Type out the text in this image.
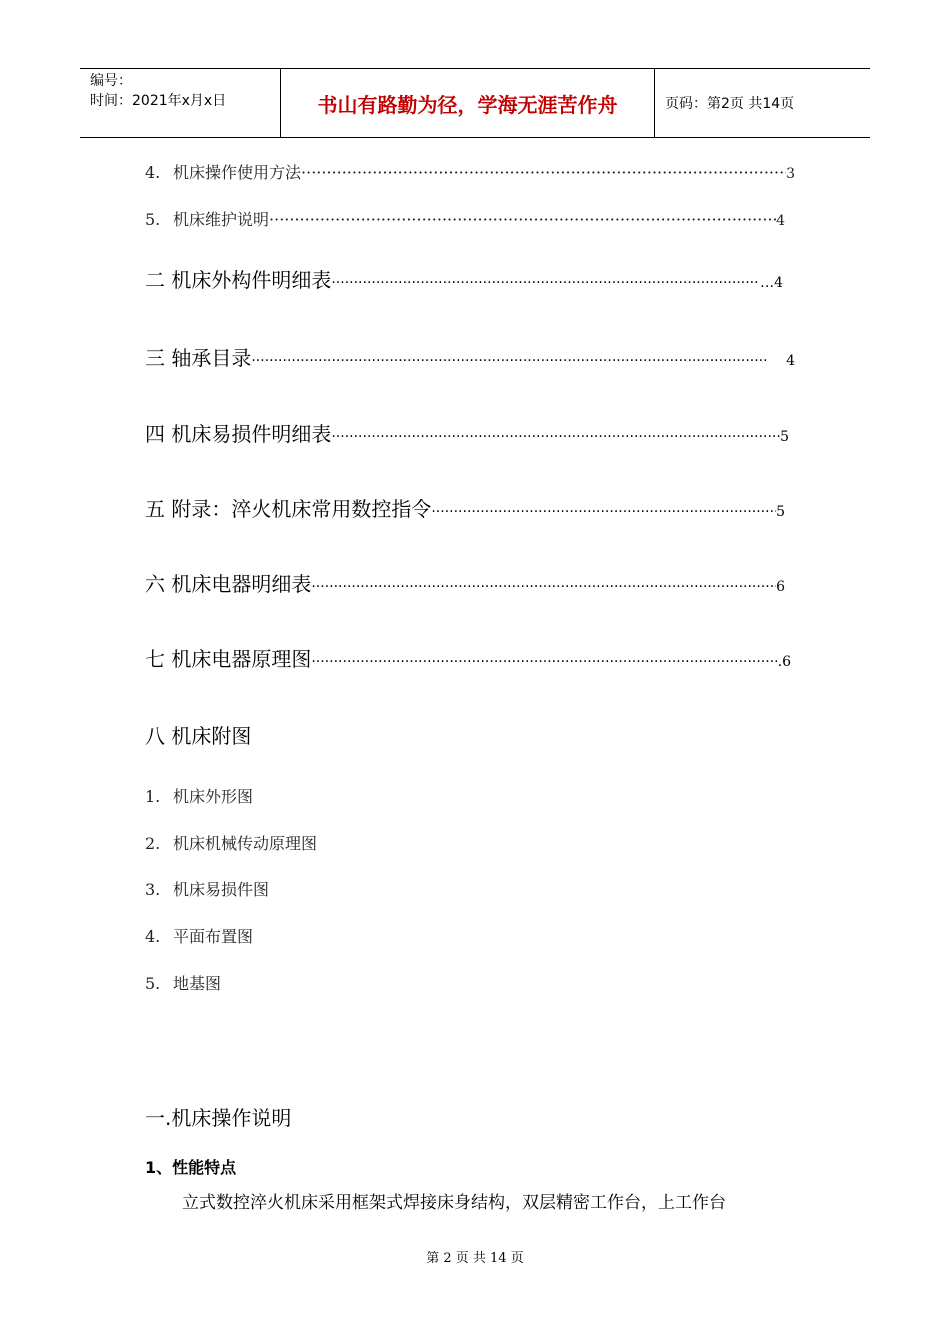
编号：
时间：2021年x月x日	书山有路勤为径，学海无涯苦作舟	页码：第2页 共14页
4. 机床操作使用方法 ·····	3
5. 机床维护说明 ·····	4
二 机床外构件明细表 ·····	…4
三 轴承目录 ·····	4
四 机床易损件明细表 ·····	5
五 附录：淬火机床常用数控指令 ·····	5
六 机床电器明细表 ·····	6
七 机床电器原理图 ·····	.6
八 机床附图
1. 机床外形图
2. 机床机械传动原理图
3. 机床易损件图
4. 平面布置图
5. 地基图
一.机床操作说明
1、性能特点
立式数控淬火机床采用框架式焊接床身结构，双层精密工作台，上工作台
第 2 页 共 14 页
